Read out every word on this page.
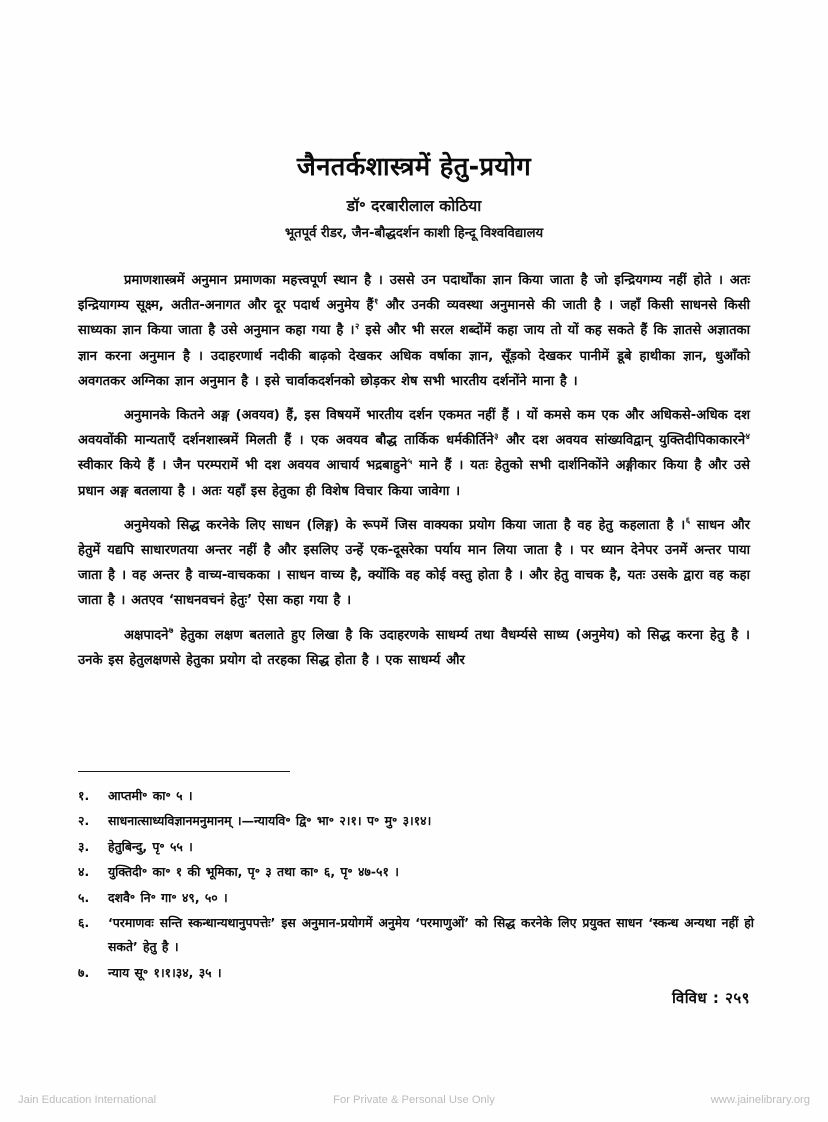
जैनतर्कशास्त्रमें हेतु-प्रयोग
डॉ॰ दरबारीलाल कोठिया
भूतपूर्व रीडर, जैन-बौद्धदर्शन काशी हिन्दू विश्वविद्यालय

प्रमाणशास्त्रमें अनुमान प्रमाणका महत्त्वपूर्ण स्थान है । उससे उन पदार्थोंका ज्ञान किया जाता है जो इन्द्रियगम्य नहीं होते । अतः इन्द्रियागम्य सूक्ष्म, अतीत-अनागत और दूर पदार्थ अनुमेय हैं$^१$ और उनकी व्यवस्था अनुमानसे की जाती है । जहाँ किसी साधनसे किसी साध्यका ज्ञान किया जाता है उसे अनुमान कहा गया है ।$^२$ इसे और भी सरल शब्दोंमें कहा जाय तो यों कह सकते हैं कि ज्ञातसे अज्ञातका ज्ञान करना अनुमान है । उदाहरणार्थ नदीकी बाढ़को देखकर अधिक वर्षाका ज्ञान, सूँड़को देखकर पानीमें डूबे हाथीका ज्ञान, धुआँको अवगतकर अग्निका ज्ञान अनुमान है । इसे चार्वाकदर्शनको छोड़कर शेष सभी भारतीय दर्शनोंने माना है ।

अनुमानके कितने अङ्ग (अवयव) हैं, इस विषयमें भारतीय दर्शन एकमत नहीं हैं । यों कमसे कम एक और अधिकसे-अधिक दश अवयवोंकी मान्यताएँ दर्शनशास्त्रमें मिलती हैं । एक अवयव बौद्ध तार्किक धर्मकीर्तिने$^३$ और दश अवयव सांख्यविद्वान् युक्तिदीपिकाकारने$^४$ स्वीकार किये हैं । जैन परम्परामें भी दश अवयव आचार्य भद्रबाहुने$^५$ माने हैं । यतः हेतुको सभी दार्शनिकोंने अङ्गीकार किया है और उसे प्रधान अङ्ग बतलाया है । अतः यहाँ इस हेतुका ही विशेष विचार किया जावेगा ।

अनुमेयको सिद्ध करनेके लिए साधन (लिङ्ग) के रूपमें जिस वाक्यका प्रयोग किया जाता है वह हेतु कहलाता है ।$^६$ साधन और हेतुमें यद्यपि साधारणतया अन्तर नहीं है और इसलिए उन्हें एक-दूसरेका पर्याय मान लिया जाता है । पर ध्यान देनेपर उनमें अन्तर पाया जाता है । वह अन्तर है वाच्य-वाचकका । साधन वाच्य है, क्योंकि वह कोई वस्तु होता है । और हेतु वाचक है, यतः उसके द्वारा वह कहा जाता है । अतएव ‘साधनवचनं हेतुः’ ऐसा कहा गया है ।

अक्षपादने$^७$ हेतुका लक्षण बतलाते हुए लिखा है कि उदाहरणके साधर्म्य तथा वैधर्म्यसे साध्य (अनुमेय) को सिद्ध करना हेतु है । उनके इस हेतुलक्षणसे हेतुका प्रयोग दो तरहका सिद्ध होता है । एक साधर्म्य और

१.	आप्तमी॰ का॰ ५ ।
२.	साधनात्साध्यविज्ञानमनुमानम् ।—न्यायवि॰ द्वि॰ भा॰ २।१। प॰ मु॰ ३।१४।
३.	हेतुबिन्दु, पृ॰ ५५ ।
४.	युक्तिदी॰ का॰ १ की भूमिका, पृ॰ ३ तथा का॰ ६, पृ॰ ४७-५१ ।
५.	दशवै॰ नि॰ गा॰ ४९, ५० ।
६.	‘परमाणवः सन्ति स्कन्धान्यथानुपपत्तेः’ इस अनुमान-प्रयोगमें अनुमेय ‘परमाणुओं’ को सिद्ध करनेके लिए प्रयुक्त साधन ‘स्कन्ध अन्यथा नहीं हो सकते’ हेतु है ।
७.	न्याय सू॰ १।१।३४, ३५ ।
विविध : २५९
Jain Education International	For Private & Personal Use Only	www.jainelibrary.org
